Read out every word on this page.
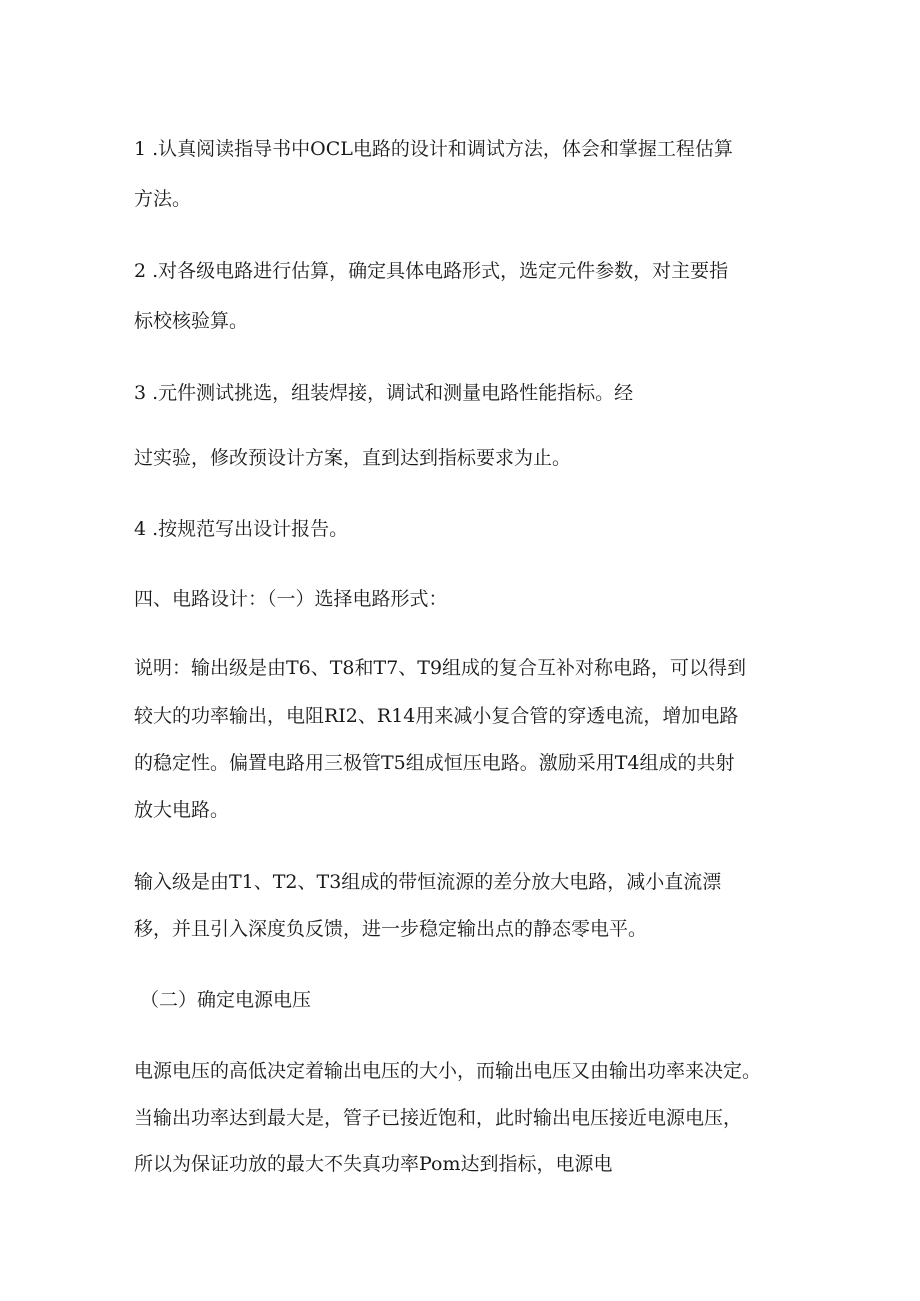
1 .认真阅读指导书中OCL电路的设计和调试方法，体会和掌握工程估算

方法。

2 .对各级电路进行估算，确定具体电路形式，选定元件参数，对主要指

标校核验算。

3 .元件测试挑选，组装焊接，调试和测量电路性能指标。经

过实验，修改预设计方案，直到达到指标要求为止。

4 .按规范写出设计报告。

四、电路设计：（一）选择电路形式：

说明：输出级是由T6、T8和T7、T9组成的复合互补对称电路，可以得到

较大的功率输出，电阻RI2、R14用来减小复合管的穿透电流，增加电路

的稳定性。偏置电路用三极管T5组成恒压电路。激励采用T4组成的共射

放大电路。

输入级是由T1、T2、T3组成的带恒流源的差分放大电路，减小直流漂

移，并且引入深度负反馈，进一步稳定输出点的静态零电平。

（二）确定电源电压

电源电压的高低决定着输出电压的大小，而输出电压又由输出功率来决定。

当输出功率达到最大是，管子已接近饱和，此时输出电压接近电源电压，

所以为保证功放的最大不失真功率Pom达到指标，电源电
